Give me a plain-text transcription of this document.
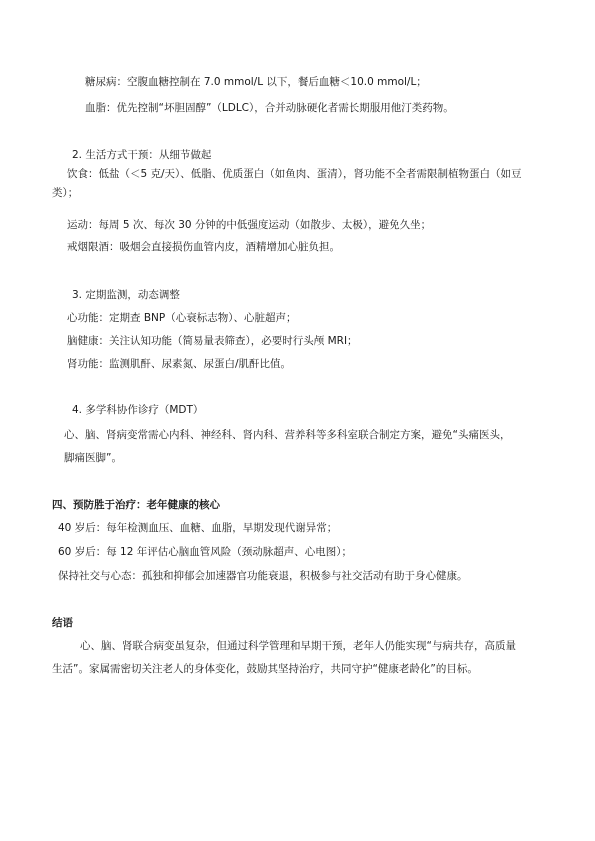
糖尿病：空腹血糖控制在 7.0 mmol/L 以下，餐后血糖＜10.0 mmol/L；
血脂：优先控制“坏胆固醇”（LDLC），合并动脉硬化者需长期服用他汀类药物。
2. 生活方式干预：从细节做起
饮食：低盐（＜5 克/天）、低脂、优质蛋白（如鱼肉、蛋清），肾功能不全者需限制植物蛋白（如豆
类）；
运动：每周 5 次、每次 30 分钟的中低强度运动（如散步、太极），避免久坐；
戒烟限酒：吸烟会直接损伤血管内皮，酒精增加心脏负担。
3. 定期监测，动态调整
心功能：定期查 BNP（心衰标志物）、心脏超声；
脑健康：关注认知功能（简易量表筛查），必要时行头颅 MRI；
肾功能：监测肌酐、尿素氮、尿蛋白/肌酐比值。
4. 多学科协作诊疗（MDT）
心、脑、肾病变常需心内科、神经科、肾内科、营养科等多科室联合制定方案，避免“头痛医头，
脚痛医脚”。
四、预防胜于治疗：老年健康的核心
40 岁后：每年检测血压、血糖、血脂，早期发现代谢异常；
60 岁后：每 12 年评估心脑血管风险（颈动脉超声、心电图）；
保持社交与心态：孤独和抑郁会加速器官功能衰退，积极参与社交活动有助于身心健康。
结语
心、脑、肾联合病变虽复杂，但通过科学管理和早期干预，老年人仍能实现“与病共存，高质量
生活”。家属需密切关注老人的身体变化，鼓励其坚持治疗，共同守护“健康老龄化”的目标。
